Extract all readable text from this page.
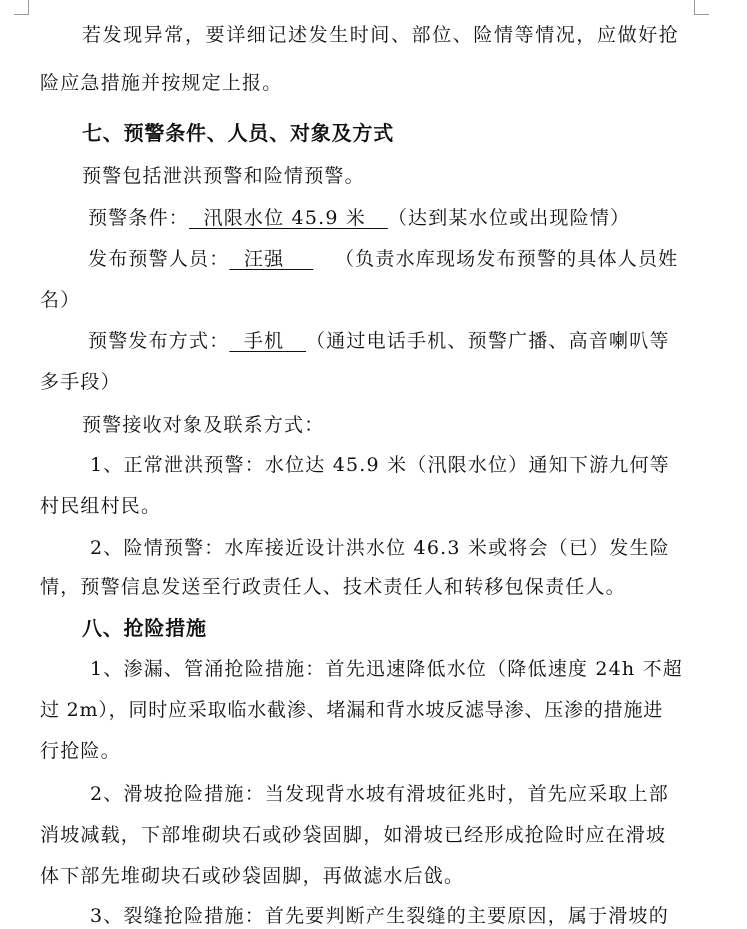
若发现异常，要详细记述发生时间、部位、险情等情况，应做好抢
险应急措施并按规定上报。
七、预警条件、人员、对象及方式
预警包括泄洪预警和险情预警。
预警条件： 汛限水位 45.9 米 （达到某水位或出现险情）
发布预警人员： 汪强	（负责水库现场发布预警的具体人员姓
名）
预警发布方式： 手机 （通过电话手机、预警广播、高音喇叭等
多手段）
预警接收对象及联系方式：
1、正常泄洪预警：水位达 45.9 米（汛限水位）通知下游九何等
村民组村民。
2、险情预警：水库接近设计洪水位 46.3 米或将会（已）发生险
情，预警信息发送至行政责任人、技术责任人和转移包保责任人。
八、抢险措施
1、渗漏、管涌抢险措施：首先迅速降低水位（降低速度 24h 不超
过 2m），同时应采取临水截渗、堵漏和背水坡反滤导渗、压渗的措施进
行抢险。
2、滑坡抢险措施：当发现背水坡有滑坡征兆时，首先应采取上部
消坡减载，下部堆砌块石或砂袋固脚，如滑坡已经形成抢险时应在滑坡
体下部先堆砌块石或砂袋固脚，再做滤水后戗。
3、裂缝抢险措施：首先要判断产生裂缝的主要原因，属于滑坡的
